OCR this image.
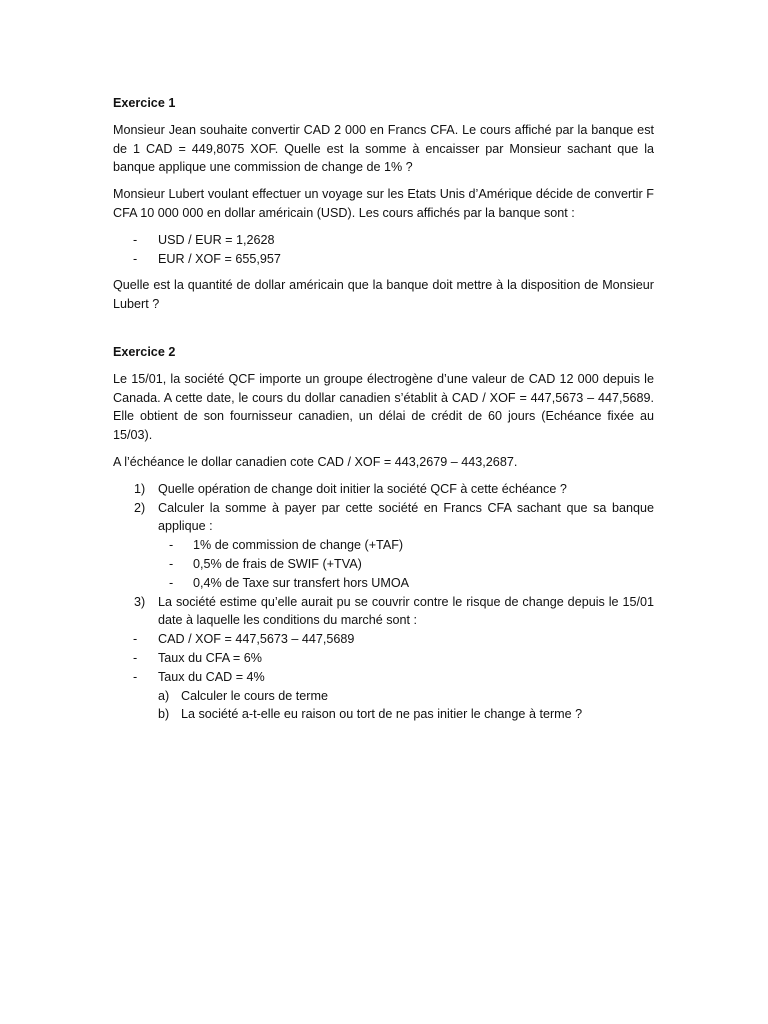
Exercice 1

Monsieur Jean souhaite convertir CAD 2 000 en Francs CFA. Le cours affiché par la banque est de 1 CAD = 449,8075 XOF. Quelle est la somme à encaisser par Monsieur sachant que la banque applique une commission de change de 1% ?

Monsieur Lubert voulant effectuer un voyage sur les Etats Unis d’Amérique décide de convertir F CFA 10 000 000 en dollar américain (USD). Les cours affichés par la banque sont :

- USD / EUR = 1,2628
- EUR / XOF = 655,957

Quelle est la quantité de dollar américain que la banque doit mettre à la disposition de Monsieur Lubert ?

Exercice 2

Le 15/01, la société QCF importe un groupe électrogène d’une valeur de CAD 12 000 depuis le Canada. A cette date, le cours du dollar canadien s’établit à CAD / XOF = 447,5673 – 447,5689. Elle obtient de son fournisseur canadien, un délai de crédit de 60 jours (Echéance fixée au 15/03).

A l’échéance le dollar canadien cote CAD / XOF = 443,2679 – 443,2687.

1) Quelle opération de change doit initier la société QCF à cette échéance ?
2) Calculer la somme à payer par cette société en Francs CFA sachant que sa banque applique :
- 1% de commission de change (+TAF)
- 0,5% de frais de SWIF (+TVA)
- 0,4% de Taxe sur transfert hors UMOA
3) La société estime qu’elle aurait pu se couvrir contre le risque de change depuis le 15/01 date à laquelle les conditions du marché sont :
- CAD / XOF = 447,5673 – 447,5689
- Taux du CFA = 6%
- Taux du CAD = 4%
a) Calculer le cours de terme
b) La société a-t-elle eu raison ou tort de ne pas initier le change à terme ?
